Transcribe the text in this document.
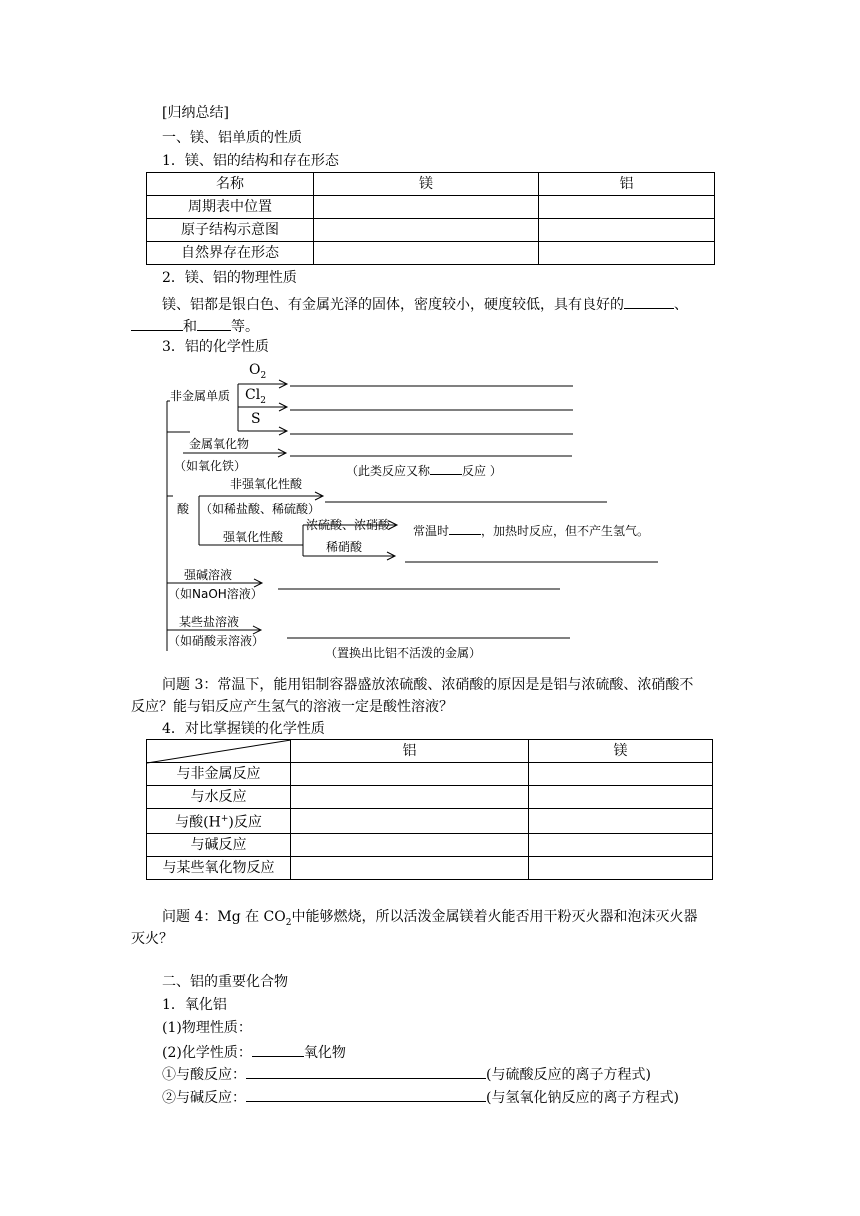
[归纳总结]
一、镁、铝单质的性质
1．镁、铝的结构和存在形态
名称	镁	铝
周期表中位置		
原子结构示意图		
自然界存在形态		
2．镁、铝的物理性质
镁、铝都是银白色、有金属光泽的固体，密度较小，硬度较低，具有良好的	、
和 等。
3．铝的化学性质
$O_2$
非金属单质 $Cl_2$
S
金属氧化物
（如氧化铁）	（此类反应又称	反应 ）
非强氧化性酸
酸 （如稀盐酸、稀硫酸）
浓硫酸、浓硝酸 常温时	，加热时反应，但不产生氢气。
强氧化性酸
稀硝酸
强碱溶液
（如NaOH溶液）
某些盐溶液
（如硝酸汞溶液）
（置换出比铝不活泼的金属）
问题 3：常温下，能用铝制容器盛放浓硫酸、浓硝酸的原因是是铝与浓硫酸、浓硝酸不
反应？能与铝反应产生氢气的溶液一定是酸性溶液？
4．对比掌握镁的化学性质
	铝	镁
与非金属反应		
与水反应		
与酸(H+)反应		
与碱反应		
与某些氧化物反应		
问题 4：Mg 在 $CO_2$中能够燃烧，所以活泼金属镁着火能否用干粉灭火器和泡沫灭火器
灭火？
二、铝的重要化合物
1．氧化铝
(1)物理性质：
(2)化学性质：	氧化物
①与酸反应：	(与硫酸反应的离子方程式)
②与碱反应：	(与氢氧化钠反应的离子方程式)
